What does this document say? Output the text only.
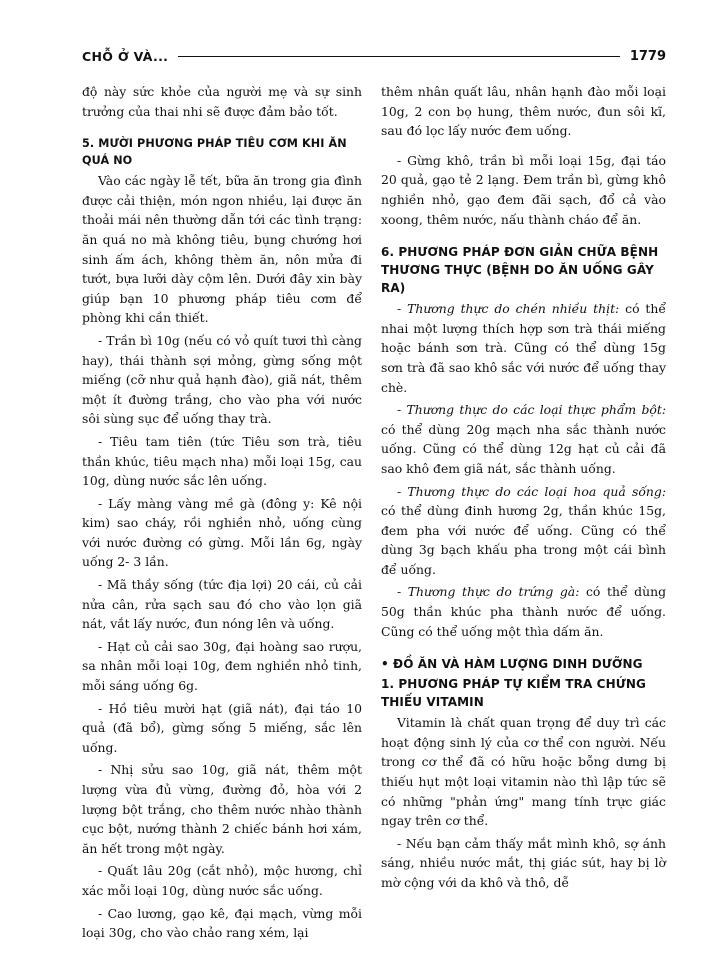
CHỖ Ở VÀ...	1779

độ này sức khỏe của người mẹ và sự sinh trưởng của thai nhi sẽ được đảm bảo tốt.

5. MƯỜI PHƯƠNG PHÁP TIÊU CƠM KHI ĂN QUÁ NO

Vào các ngày lễ tết, bữa ăn trong gia đình được cải thiện, món ngon nhiều, lại được ăn thoải mái nên thường dẫn tới các tình trạng: ăn quá no mà không tiêu, bụng chướng hơi sinh ấm ách, không thèm ăn, nôn mửa đi tướt, bựa lưỡi dày cộm lên. Dưới đây xin bày giúp bạn 10 phương pháp tiêu cơm để phòng khi cần thiết.

- Trần bì 10g (nếu có vỏ quít tươi thì càng hay), thái thành sợi mỏng, gừng sống một miếng (cỡ như quả hạnh đào), giã nát, thêm một ít đường trắng, cho vào pha với nước sôi sùng sục để uống thay trà.

- Tiêu tam tiên (tức Tiêu sơn trà, tiêu thần khúc, tiêu mạch nha) mỗi loại 15g, cau 10g, dùng nước sắc lên uống.

- Lấy màng vàng mề gà (đông y: Kê nội kim) sao cháy, rồi nghiền nhỏ, uống cùng với nước đường có gừng. Mỗi lần 6g, ngày uống 2- 3 lần.

- Mã thầy sống (tức địa lợi) 20 cái, củ cải nửa cân, rửa sạch sau đó cho vào lọn giã nát, vắt lấy nước, đun nóng lên và uống.

- Hạt củ cải sao 30g, đại hoàng sao rượu, sa nhân mỗi loại 10g, đem nghiền nhỏ tinh, mỗi sáng uống 6g.

- Hồ tiêu mười hạt (giã nát), đại táo 10 quả (đã bổ), gừng sống 5 miếng, sắc lên uống.

- Nhị sửu sao 10g, giã nát, thêm một lượng vừa đủ vừng, đường đỏ, hòa với 2 lượng bột trắng, cho thêm nước nhào thành cục bột, nướng thành 2 chiếc bánh hơi xám, ăn hết trong một ngày.

- Quất lâu 20g (cắt nhỏ), mộc hương, chỉ xác mỗi loại 10g, dùng nước sắc uống.

- Cao lương, gạo kê, đại mạch, vừng mỗi loại 30g, cho vào chảo rang xém, lại

thêm nhân quất lâu, nhân hạnh đào mỗi loại 10g, 2 con bọ hung, thêm nước, đun sôi kĩ, sau đó lọc lấy nước đem uống.

- Gừng khô, trần bì mỗi loại 15g, đại táo 20 quả, gạo tẻ 2 lạng. Đem trần bì, gừng khô nghiền nhỏ, gạo đem đãi sạch, đổ cả vào xoong, thêm nước, nấu thành cháo để ăn.

6. PHƯƠNG PHÁP ĐƠN GIẢN CHỮA BỆNH THƯƠNG THỰC (BỆNH DO ĂN UỐNG GÂY RA)

- Thương thực do chén nhiều thịt: có thể nhai một lượng thích hợp sơn trà thái miếng hoặc bánh sơn trà. Cũng có thể dùng 15g sơn trà đã sao khô sắc với nước để uống thay chè.

- Thương thực do các loại thực phẩm bột: có thể dùng 20g mạch nha sắc thành nước uống. Cũng có thể dùng 12g hạt củ cải đã sao khô đem giã nát, sắc thành uống.

- Thương thực do các loại hoa quả sống: có thể dùng đinh hương 2g, thần khúc 15g, đem pha với nước để uống. Cũng có thể dùng 3g bạch khấu pha trong một cái bình để uống.

- Thương thực do trứng gà: có thể dùng 50g thần khúc pha thành nước để uống. Cũng có thể uống một thìa dấm ăn.

• ĐỒ ĂN VÀ HÀM LƯỢNG DINH DƯỠNG
1. PHƯƠNG PHÁP TỰ KIỂM TRA CHỨNG THIẾU VITAMIN

Vitamin là chất quan trọng để duy trì các hoạt động sinh lý của cơ thể con người. Nếu trong cơ thể đã có hữu hoặc bỗng dưng bị thiếu hụt một loại vitamin nào thì lập tức sẽ có những "phản ứng" mang tính trực giác ngay trên cơ thể.

- Nếu bạn cảm thấy mắt mình khô, sợ ánh sáng, nhiều nước mắt, thị giác sút, hay bị lờ mờ cộng với da khô và thô, dễ
